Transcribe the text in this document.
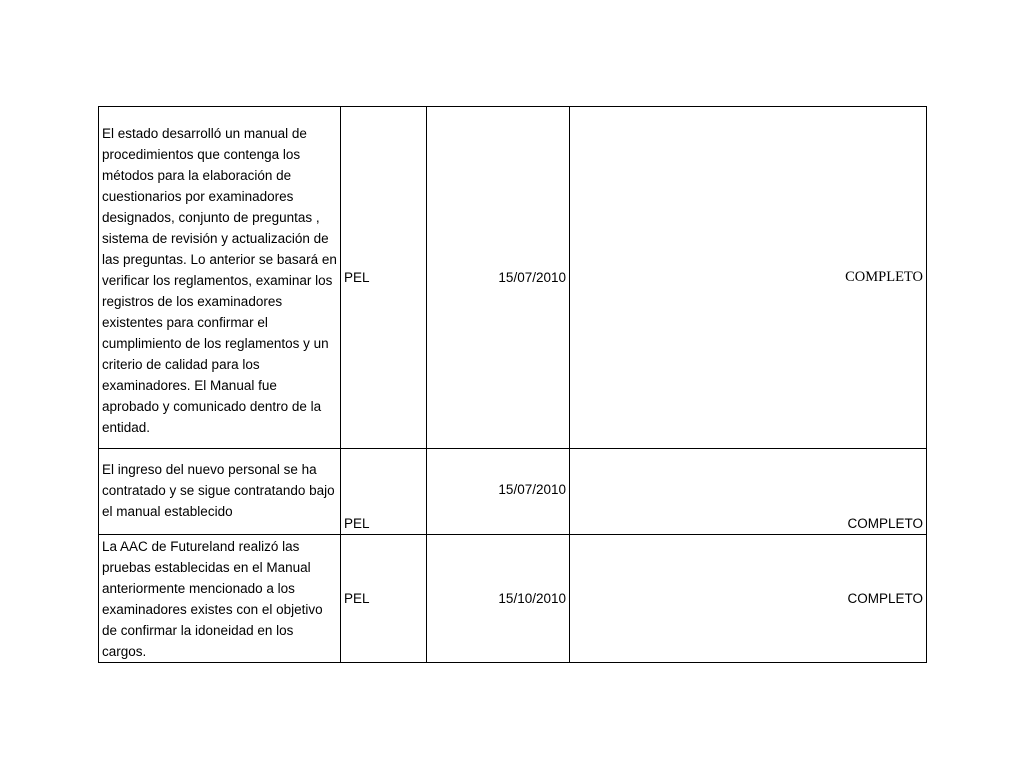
El estado desarrolló un manual de procedimientos que contenga los métodos para la elaboración de cuestionarios por examinadores designados, conjunto de preguntas , sistema de revisión y actualización de las preguntas. Lo anterior se basará en verificar los reglamentos, examinar los registros de los examinadores existentes para confirmar el cumplimiento de los reglamentos y un criterio de calidad para los examinadores. El Manual fue aprobado y comunicado dentro de la entidad.	PEL	15/07/2010	COMPLETO
El ingreso del nuevo personal se ha contratado y se sigue contratando bajo el manual establecido	PEL	15/07/2010	COMPLETO
La AAC de Futureland realizó las pruebas establecidas en el Manual anteriormente mencionado a los examinadores existes con el objetivo de confirmar la idoneidad en los cargos.	PEL	15/10/2010	COMPLETO
